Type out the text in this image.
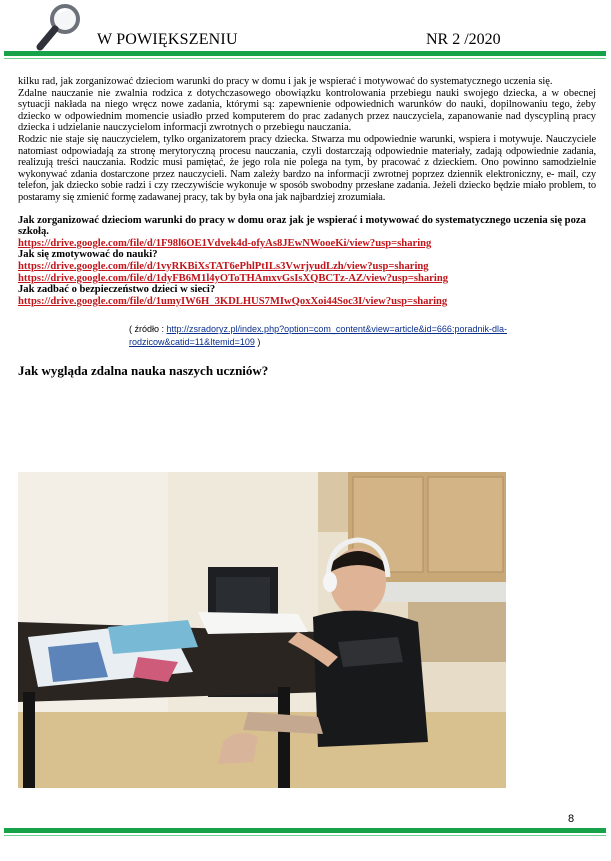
W POWIĘKSZENIU	NR 2 /2020

kilku rad, jak zorganizować dzieciom warunki do pracy w domu i jak je wspierać i motywować do systematycznego uczenia się.

Zdalne nauczanie nie zwalnia rodzica z dotychczasowego obowiązku kontrolowania przebiegu nauki swojego dziecka, a w obecnej sytuacji nakłada na niego wręcz nowe zadania, którymi są: zapewnienie odpowiednich warunków do nauki, dopilnowaniu tego, żeby dziecko w odpowiednim momencie usiadło przed komputerem do prac zadanych przez nauczyciela, zapanowanie nad dyscypliną pracy dziecka i udzielanie nauczycielom informacji zwrotnych o przebiegu nauczania.

Rodzic nie staje się nauczycielem, tylko organizatorem pracy dziecka. Stwarza mu odpowiednie warunki, wspiera i motywuje. Nauczyciele natomiast odpowiadają za stronę merytoryczną procesu nauczania, czyli dostarczają odpowiednie materiały, zadają odpowiednie zadania, realizują treści nauczania. Rodzic musi pamiętać, że jego rola nie polega na tym, by pracować z dzieckiem. Ono powinno samodzielnie wykonywać zdania dostarczone przez nauczycieli. Nam zależy bardzo na informacji zwrotnej poprzez dziennik elektroniczny, e- mail, czy telefon, jak dziecko sobie radzi i czy rzeczywiście wykonuje w sposób swobodny przesłane zadania. Jeżeli dziecko będzie miało problem, to postaramy się zmienić formę zadawanej pracy, tak by była ona jak najbardziej zrozumiała.

Jak zorganizować dzieciom warunki do pracy w domu oraz jak je wspierać i motywować do systematycznego uczenia się poza szkołą.

https://drive.google.com/file/d/1F98l6OE1Vdvek4d-ofyAs8JEwNWooeKi/view?usp=sharing

Jak się zmotywować do nauki?

https://drive.google.com/file/d/1vyRKBiXsTAT6ePhlPtILs3VwrjyudLzh/view?usp=sharing
https://drive.google.com/file/d/1dyFB6M1l4yOToTHAmxvGsIsXQBCTz-AZ/view?usp=sharing

Jak zadbać o bezpieczeństwo dzieci w sieci?

https://drive.google.com/file/d/1umyIW6H_3KDLHUS7MIwQoxXoi44Soc3I/view?usp=sharing
( źródło : http://zsradoryz.pl/index.php?option=com_content&view=article&id=666:poradnik-dla-rodzicow&catid=11&Itemid=109 )
Jak wygląda zdalna nauka naszych uczniów?
8
